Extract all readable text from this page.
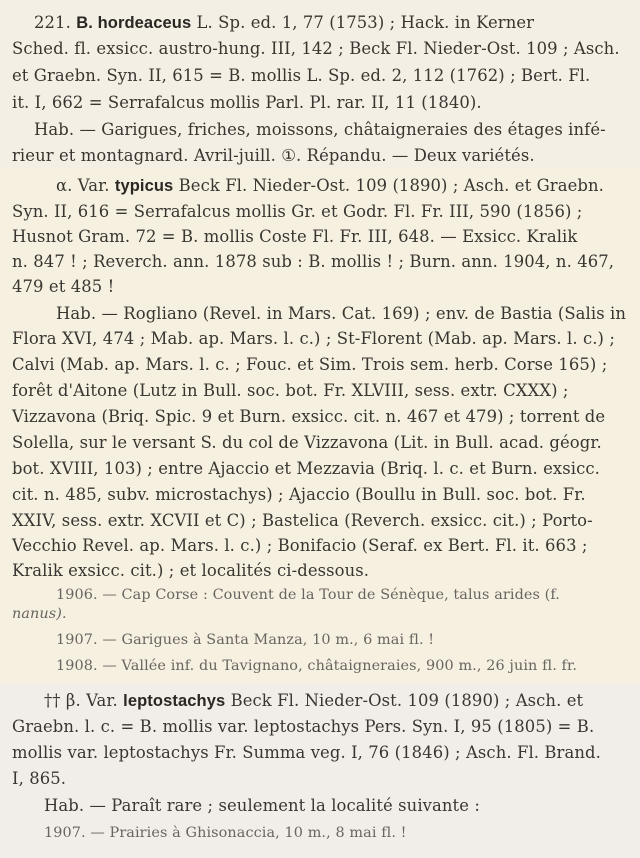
221. B. hordeaceus L. Sp. ed. 1, 77 (1753) ; Hack. in Kerner
Sched. fl. exsicc. austro-hung. III, 142 ; Beck Fl. Nieder-Ost. 109 ; Asch.
et Graebn. Syn. II, 615 = B. mollis L. Sp. ed. 2, 112 (1762) ; Bert. Fl.
it. I, 662 = Serrafalcus mollis Parl. Pl. rar. II, 11 (1840).
Hab. — Garigues, friches, moissons, châtaigneraies des étages infé-
rieur et montagnard. Avril-juill. ①. Répandu. — Deux variétés.
α. Var. typicus Beck Fl. Nieder-Ost. 109 (1890) ; Asch. et Graebn.
Syn. II, 616 = Serrafalcus mollis Gr. et Godr. Fl. Fr. III, 590 (1856) ;
Husnot Gram. 72 = B. mollis Coste Fl. Fr. III, 648. — Exsicc. Kralik
n. 847 ! ; Reverch. ann. 1878 sub : B. mollis ! ; Burn. ann. 1904, n. 467,
479 et 485 !
Hab. — Rogliano (Revel. in Mars. Cat. 169) ; env. de Bastia (Salis in
Flora XVI, 474 ; Mab. ap. Mars. l. c.) ; St-Florent (Mab. ap. Mars. l. c.) ;
Calvi (Mab. ap. Mars. l. c. ; Fouc. et Sim. Trois sem. herb. Corse 165) ;
forêt d'Aitone (Lutz in Bull. soc. bot. Fr. XLVIII, sess. extr. CXXX) ;
Vizzavona (Briq. Spic. 9 et Burn. exsicc. cit. n. 467 et 479) ; torrent de
Solella, sur le versant S. du col de Vizzavona (Lit. in Bull. acad. géogr.
bot. XVIII, 103) ; entre Ajaccio et Mezzavia (Briq. l. c. et Burn. exsicc.
cit. n. 485, subv. microstachys) ; Ajaccio (Boullu in Bull. soc. bot. Fr.
XXIV, sess. extr. XCVII et C) ; Bastelica (Reverch. exsicc. cit.) ; Porto-
Vecchio Revel. ap. Mars. l. c.) ; Bonifacio (Seraf. ex Bert. Fl. it. 663 ;
Kralik exsicc. cit.) ; et localités ci-dessous.
1906. — Cap Corse : Couvent de la Tour de Sénèque, talus arides (f.
nanus).
1907. — Garigues à Santa Manza, 10 m., 6 mai fl. !
1908. — Vallée inf. du Tavignano, châtaigneraies, 900 m., 26 juin fl. fr.
†† β. Var. leptostachys Beck Fl. Nieder-Ost. 109 (1890) ; Asch. et
Graebn. l. c. = B. mollis var. leptostachys Pers. Syn. I, 95 (1805) = B.
mollis var. leptostachys Fr. Summa veg. I, 76 (1846) ; Asch. Fl. Brand.
I, 865.
Hab. — Paraît rare ; seulement la localité suivante :
1907. — Prairies à Ghisonaccia, 10 m., 8 mai fl. !
